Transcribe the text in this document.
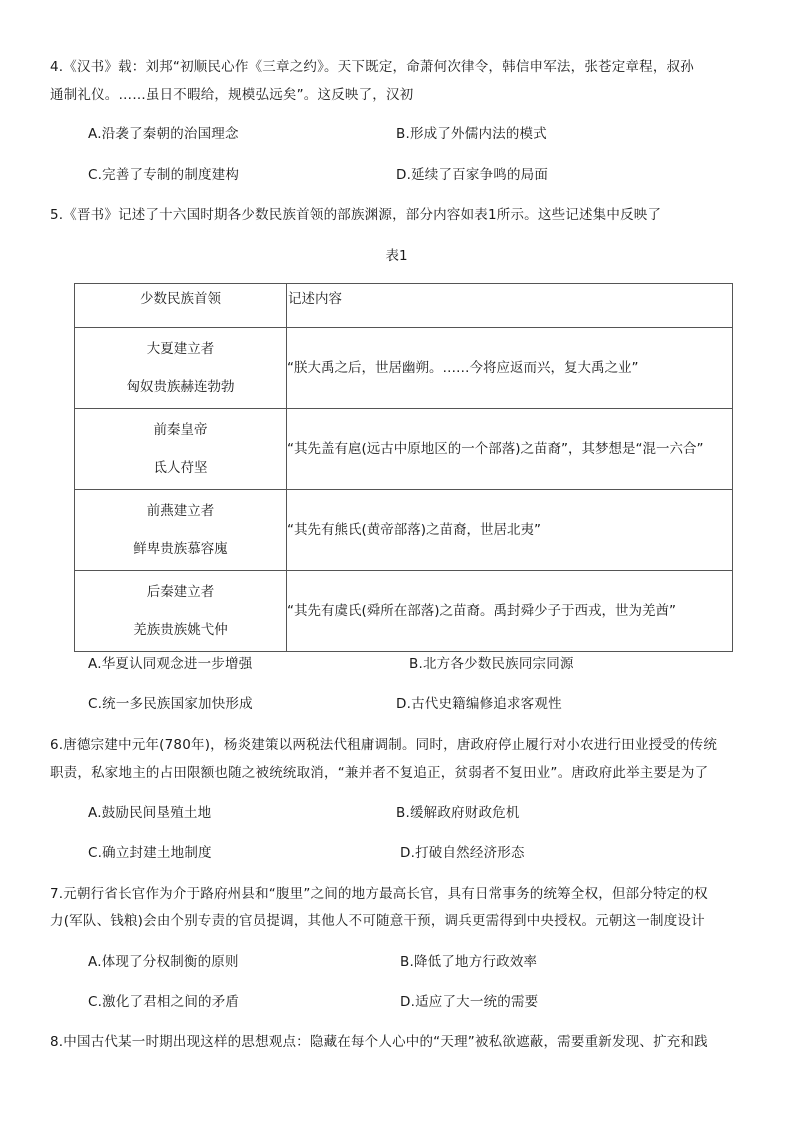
4.《汉书》载：刘邦“初顺民心作《三章之约》。天下既定，命萧何次律令，韩信申军法，张苍定章程，叔孙
通制礼仪。……虽日不暇给，规模弘远矣”。这反映了，汉初
A.沿袭了秦朝的治国理念	B.形成了外儒内法的模式
C.完善了专制的制度建构	D.延续了百家争鸣的局面
5.《晋书》记述了十六国时期各少数民族首领的部族渊源，部分内容如表1所示。这些记述集中反映了
表1
少数民族首领	记述内容

大夏建立者
匈奴贵族赫连勃勃	“朕大禹之后，世居幽朔。……今将应返而兴，复大禹之业”

前秦皇帝
氐人苻坚	“其先盖有扈(远古中原地区的一个部落)之苗裔”，其梦想是“混一六合”

前燕建立者
鲜卑贵族慕容廆	“其先有熊氏(黄帝部落)之苗裔，世居北夷”

后秦建立者
羌族贵族姚弋仲	“其先有虞氏(舜所在部落)之苗裔。禹封舜少子于西戎，世为羌酋”
A.华夏认同观念进一步增强	B.北方各少数民族同宗同源
C.统一多民族国家加快形成	D.古代史籍编修追求客观性
6.唐德宗建中元年(780年)，杨炎建策以两税法代租庸调制。同时，唐政府停止履行对小农进行田业授受的传统
职责，私家地主的占田限额也随之被统统取消，“兼并者不复追正，贫弱者不复田业”。唐政府此举主要是为了
A.鼓励民间垦殖土地	B.缓解政府财政危机
C.确立封建土地制度	D.打破自然经济形态
7.元朝行省长官作为介于路府州县和“腹里”之间的地方最高长官，具有日常事务的统筹全权，但部分特定的权
力(军队、钱粮)会由个别专责的官员提调，其他人不可随意干预，调兵更需得到中央授权。元朝这一制度设计
A.体现了分权制衡的原则	B.降低了地方行政效率
C.激化了君相之间的矛盾	D.适应了大一统的需要
8.中国古代某一时期出现这样的思想观点：隐藏在每个人心中的“天理”被私欲遮蔽，需要重新发现、扩充和践
